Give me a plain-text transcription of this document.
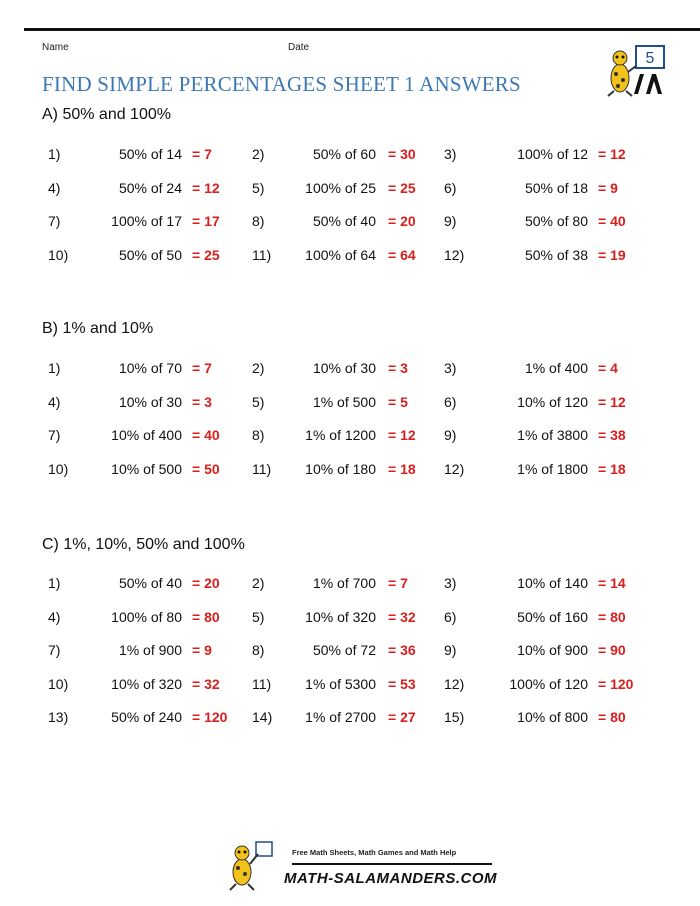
Name	Date
FIND SIMPLE PERCENTAGES SHEET 1 ANSWERS
5
A) 50% and 100%
B) 1% and 10%
C) 1%, 10%, 50% and 100%
1)	50% of 14 = 7	2)	50% of 60 = 30 3)	100% of 12 = 12
4)	50% of 24 = 12 5)	100% of 25 = 25 6)	50% of 18 = 9
7)	100% of 17 = 17 8)	50% of 40 = 20 9)	50% of 80 = 40
10)	50% of 50 = 25 11)	100% of 64 = 64 12)	50% of 38 = 19
1)	10% of 70 = 7	2)	10% of 30 = 3	3)	1% of 400 = 4
4)	10% of 30 = 3	5)	1% of 500 = 5	6)	10% of 120 = 12
7)	10% of 400 = 40 8)	1% of 1200 = 12 9)	1% of 3800 = 38
10)	10% of 500 = 50 11)	10% of 180 = 18 12)	1% of 1800 = 18
1)	50% of 40 = 20 2)	1% of 700 = 7	3)	10% of 140 = 14
4)	100% of 80 = 80 5)	10% of 320 = 32 6)	50% of 160 = 80
7)	1% of 900 = 9	8)	50% of 72 = 36 9)	10% of 900 = 90
10)	10% of 320 = 32 11)	1% of 5300 = 53 12)	100% of 120 = 120
13)	50% of 240 = 120 14)	1% of 2700 = 27 15)	10% of 800 = 80
Free Math Sheets, Math Games and Math Help
MATH-SALAMANDERS.COM
